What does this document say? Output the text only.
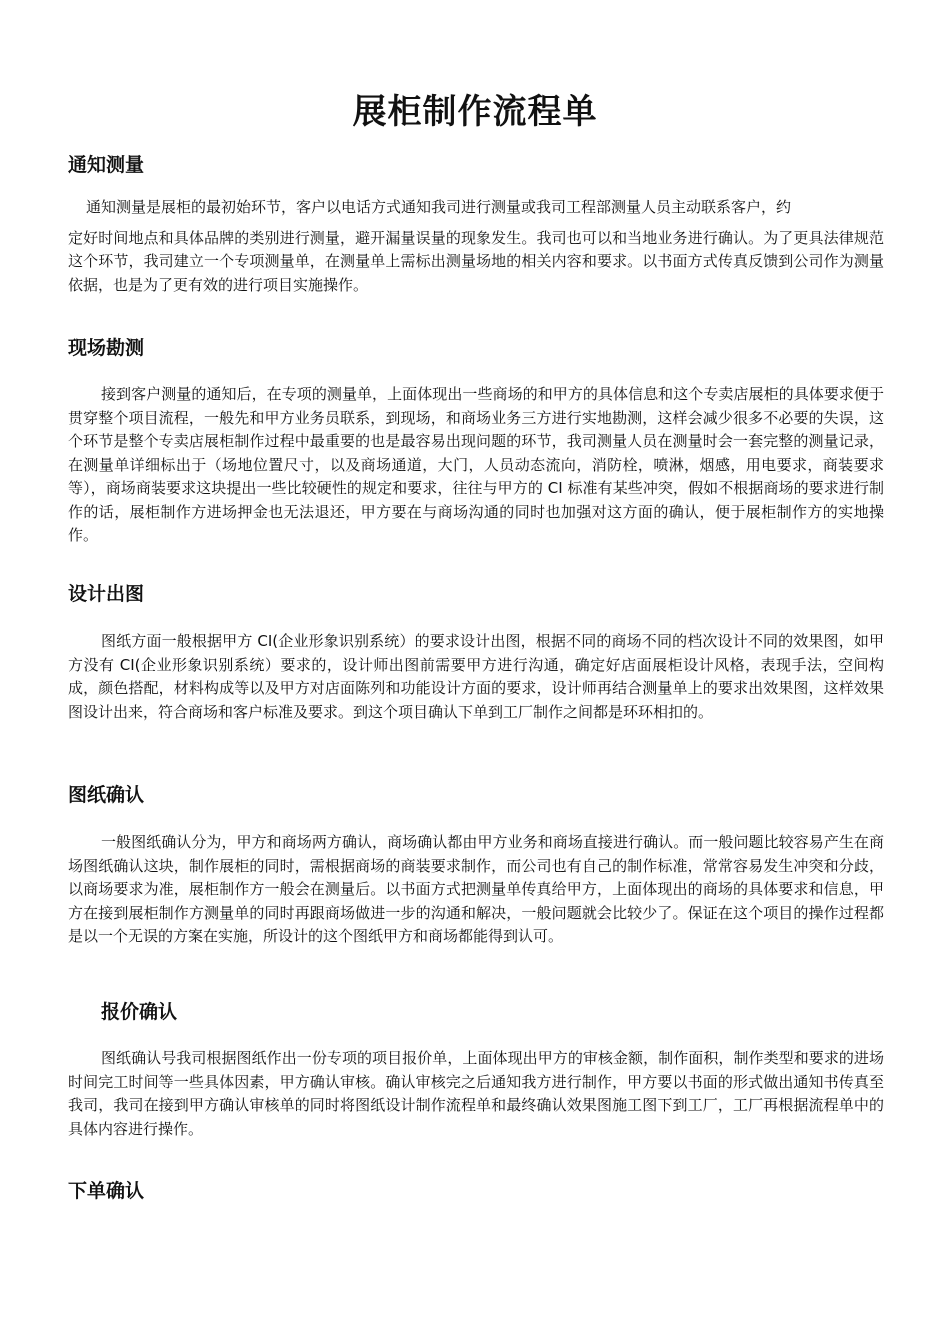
展柜制作流程单
通知测量

通知测量是展柜的最初始环节，客户以电话方式通知我司进行测量或我司工程部测量人员主动联系客户，约
定好时间地点和具体品牌的类别进行测量，避开漏量误量的现象发生。我司也可以和当地业务进行确认。为了更具法律规范这个环节，我司建立一个专项测量单，在测量单上需标出测量场地的相关内容和要求。以书面方式传真反馈到公司作为测量依据，也是为了更有效的进行项目实施操作。

现场勘测

接到客户测量的通知后，在专项的测量单，上面体现出一些商场的和甲方的具体信息和这个专卖店展柜的具体要求便于贯穿整个项目流程，一般先和甲方业务员联系，到现场，和商场业务三方进行实地勘测，这样会减少很多不必要的失误，这个环节是整个专卖店展柜制作过程中最重要的也是最容易出现问题的环节，我司测量人员在测量时会一套完整的测量记录，在测量单详细标出于（场地位置尺寸，以及商场通道，大门，人员动态流向，消防栓，喷淋，烟感，用电要求，商装要求等），商场商装要求这块提出一些比较硬性的规定和要求，往往与甲方的 CI 标准有某些冲突，假如不根据商场的要求进行制作的话，展柜制作方进场押金也无法退还，甲方要在与商场沟通的同时也加强对这方面的确认，便于展柜制作方的实地操作。

设计出图

图纸方面一般根据甲方 CI(企业形象识别系统）的要求设计出图，根据不同的商场不同的档次设计不同的效果图，如甲方没有 CI(企业形象识别系统）要求的，设计师出图前需要甲方进行沟通，确定好店面展柜设计风格，表现手法，空间构成，颜色搭配，材料构成等以及甲方对店面陈列和功能设计方面的要求，设计师再结合测量单上的要求出效果图，这样效果图设计出来，符合商场和客户标准及要求。到这个项目确认下单到工厂制作之间都是环环相扣的。

图纸确认

一般图纸确认分为，甲方和商场两方确认，商场确认都由甲方业务和商场直接进行确认。而一般问题比较容易产生在商场图纸确认这块，制作展柜的同时，需根据商场的商装要求制作，而公司也有自己的制作标准，常常容易发生冲突和分歧，以商场要求为准，展柜制作方一般会在测量后。以书面方式把测量单传真给甲方，上面体现出的商场的具体要求和信息，甲方在接到展柜制作方测量单的同时再跟商场做进一步的沟通和解决，一般问题就会比较少了。保证在这个项目的操作过程都是以一个无误的方案在实施，所设计的这个图纸甲方和商场都能得到认可。

报价确认

图纸确认号我司根据图纸作出一份专项的项目报价单，上面体现出甲方的审核金额，制作面积，制作类型和要求的进场时间完工时间等一些具体因素，甲方确认审核。确认审核完之后通知我方进行制作，甲方要以书面的形式做出通知书传真至我司，我司在接到甲方确认审核单的同时将图纸设计制作流程单和最终确认效果图施工图下到工厂，工厂再根据流程单中的具体内容进行操作。

下单确认
